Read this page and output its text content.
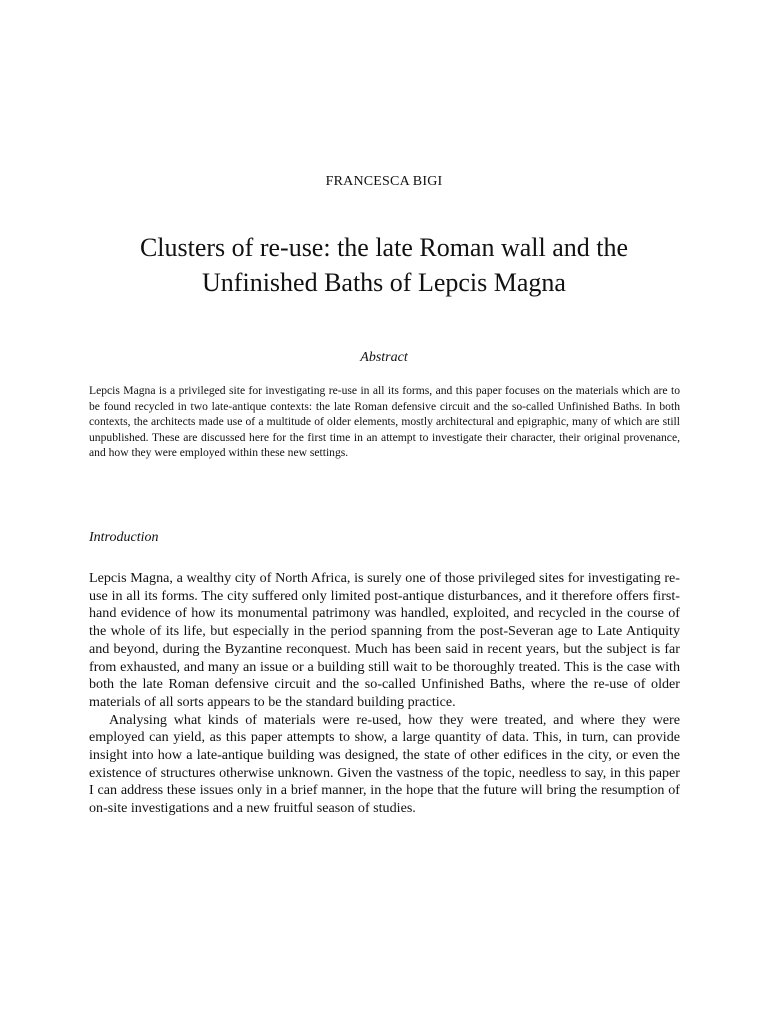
FRANCESCA BIGI
Clusters of re-use: the late Roman wall and the
Unfinished Baths of Lepcis Magna
Abstract

Lepcis Magna is a privileged site for investigating re-use in all its forms, and this paper focuses on the materials which are to be found recycled in two late-antique contexts: the late Roman defensive circuit and the so-called Unfinished Baths. In both contexts, the architects made use of a multitude of older elements, mostly architectural and epigraphic, many of which are still unpublished. These are discussed here for the first time in an attempt to investigate their character, their original provenance, and how they were employed within these new settings.

Introduction

Lepcis Magna, a wealthy city of North Africa, is surely one of those privileged sites for investigating re-use in all its forms. The city suffered only limited post-antique disturbances, and it therefore offers first-hand evidence of how its monumental patrimony was handled, exploited, and recycled in the course of the whole of its life, but especially in the period spanning from the post-Severan age to Late Antiquity and beyond, during the Byzantine reconquest. Much has been said in recent years, but the subject is far from exhausted, and many an issue or a building still wait to be thoroughly treated. This is the case with both the late Roman defensive circuit and the so-called Unfinished Baths, where the re-use of older materials of all sorts appears to be the standard building practice.

Analysing what kinds of materials were re-used, how they were treated, and where they were employed can yield, as this paper attempts to show, a large quantity of data. This, in turn, can provide insight into how a late-antique building was designed, the state of other edifices in the city, or even the existence of structures otherwise unknown. Given the vastness of the topic, needless to say, in this paper I can address these issues only in a brief manner, in the hope that the future will bring the resumption of on-site investigations and a new fruitful season of studies.
